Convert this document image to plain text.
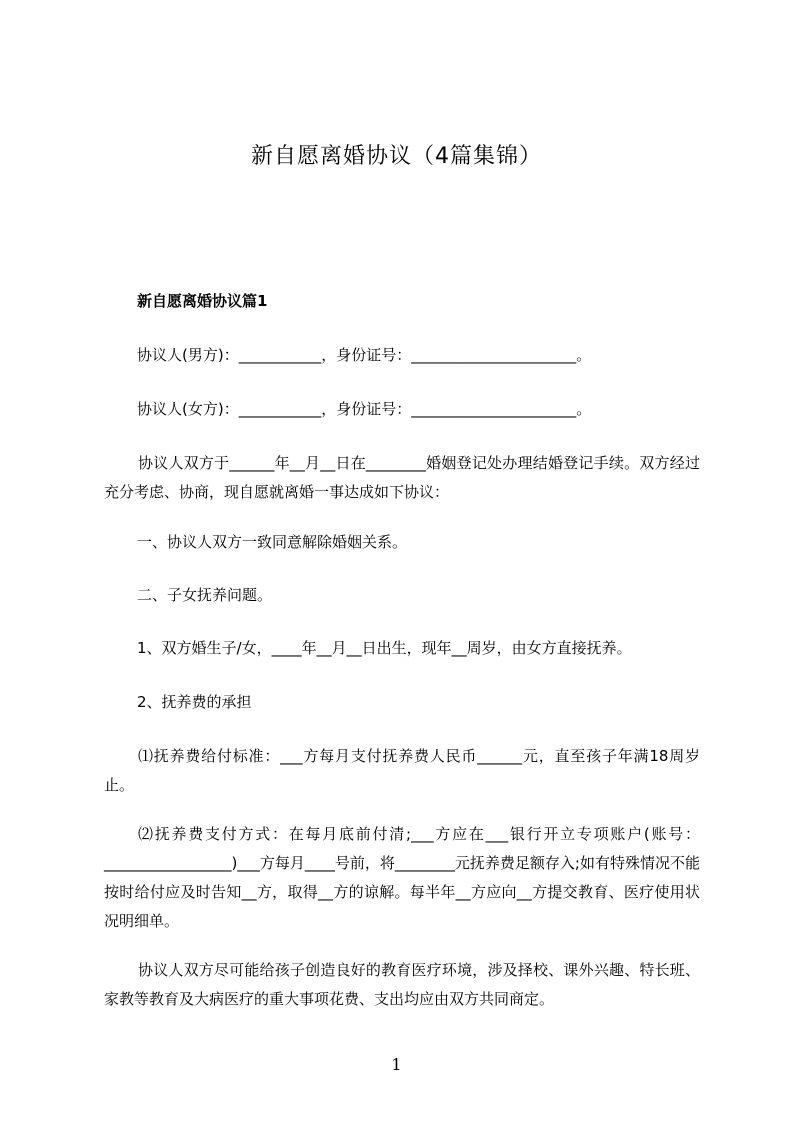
新自愿离婚协议（4篇集锦）
新自愿离婚协议篇1
协议人(男方)：___________，身份证号：______________________。
协议人(女方)：___________，身份证号：______________________。
协议人双方于______年__月__日在________婚姻登记处办理结婚登记手续。双方经过充分考虑、协商，现自愿就离婚一事达成如下协议：
一、协议人双方一致同意解除婚姻关系。
二、子女抚养问题。
1、双方婚生子/女，____年__月__日出生，现年__周岁，由女方直接抚养。
2、抚养费的承担
⑴抚养费给付标准：___方每月支付抚养费人民币______元，直至孩子年满18周岁止。
⑵抚养费支付方式：在每月底前付清;___方应在___银行开立专项账户(账号：_________________)___方每月____号前，将________元抚养费足额存入;如有特殊情况不能按时给付应及时告知__方，取得__方的谅解。每半年__方应向__方提交教育、医疗使用状况明细单。
协议人双方尽可能给孩子创造良好的教育医疗环境，涉及择校、课外兴趣、特长班、家教等教育及大病医疗的重大事项花费、支出均应由双方共同商定。
1
